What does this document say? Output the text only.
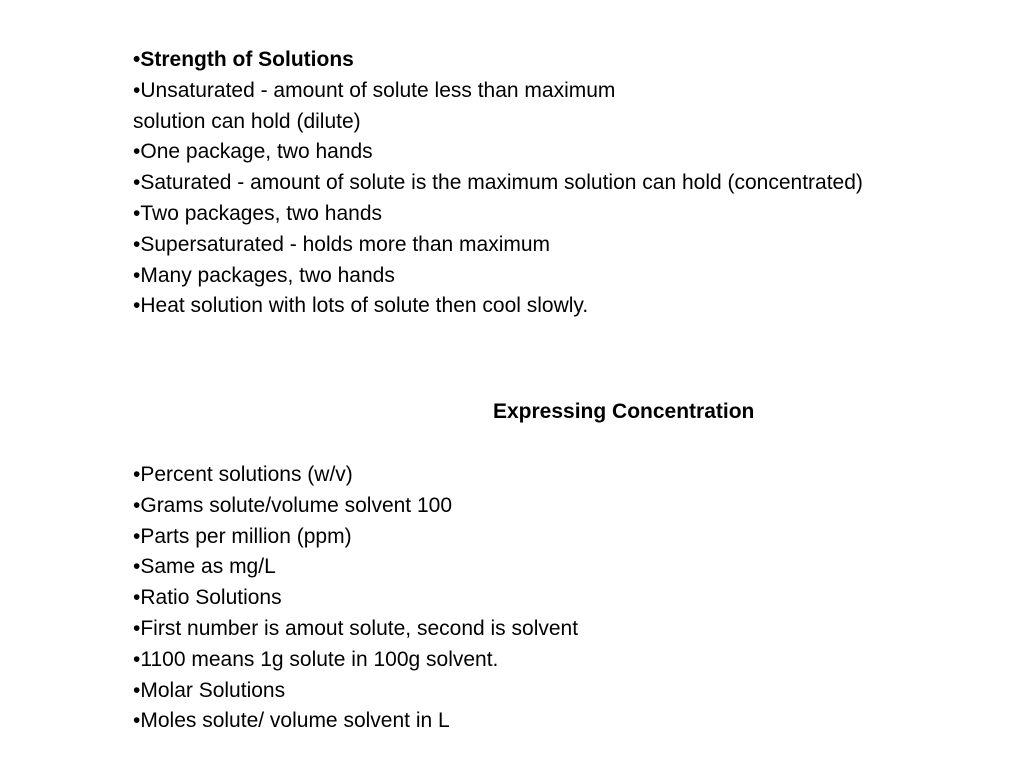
• Strength of Solutions
• Unsaturated - amount of solute less than maximum
solution can hold (dilute)
• One package, two hands
• Saturated - amount of solute is the maximum solution can hold (concentrated)
• Two packages, two hands
• Supersaturated - holds more than maximum
• Many packages, two hands
• Heat solution with lots of solute then cool slowly.
Expressing Concentration
• Percent solutions (w/v)
• Grams solute/volume solvent 100
• Parts per million (ppm)
• Same as mg/L
• Ratio Solutions
• First number is amout solute, second is solvent
• 1100 means 1g solute in 100g solvent.
• Molar Solutions
• Moles solute/ volume solvent in L
